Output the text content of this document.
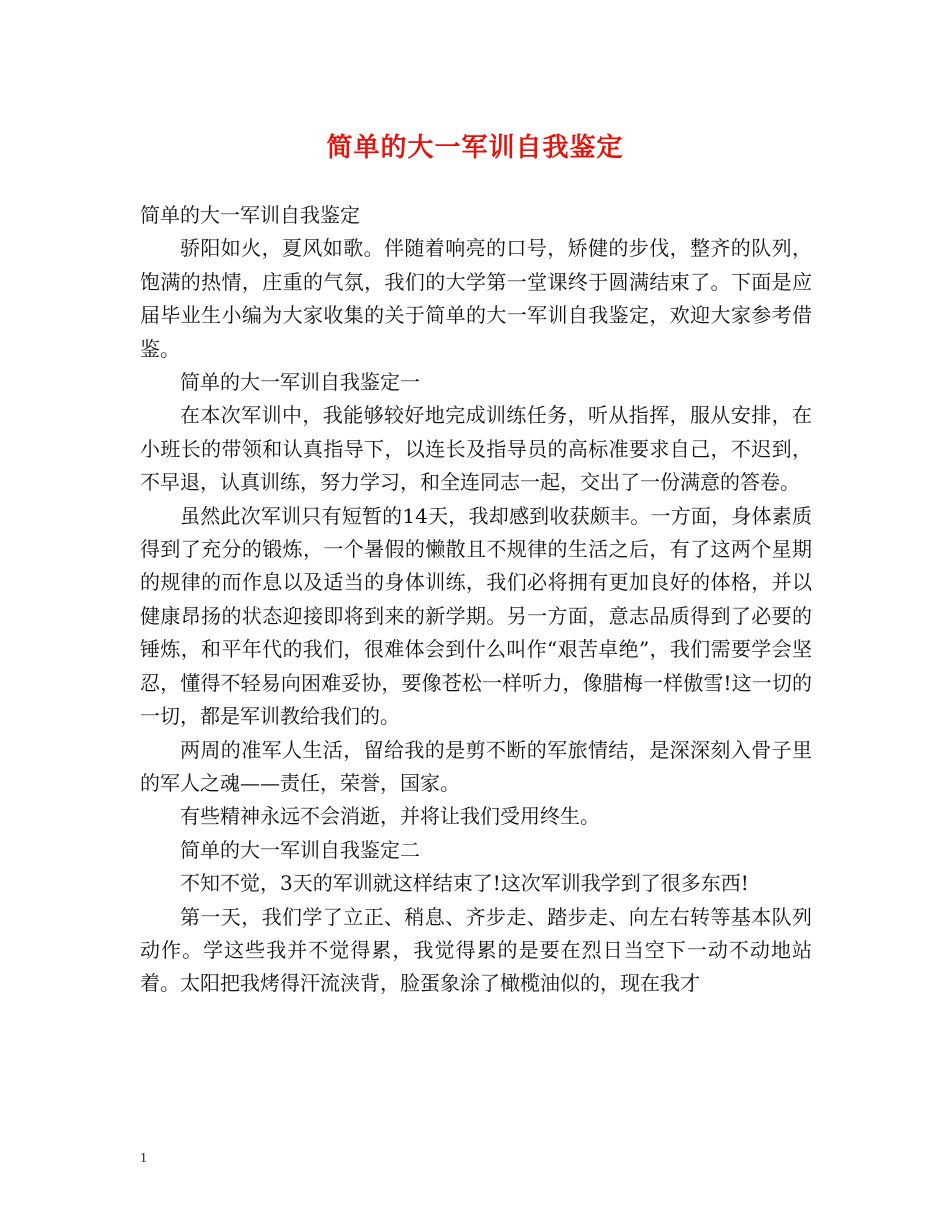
简单的大一军训自我鉴定

简单的大一军训自我鉴定

骄阳如火，夏风如歌。伴随着响亮的口号，矫健的步伐，整齐的队列，饱满的热情，庄重的气氛，我们的大学第一堂课终于圆满结束了。下面是应届毕业生小编为大家收集的关于简单的大一军训自我鉴定，欢迎大家参考借鉴。

简单的大一军训自我鉴定一

在本次军训中，我能够较好地完成训练任务，听从指挥，服从安排，在小班长的带领和认真指导下，以连长及指导员的高标准要求自己，不迟到，不早退，认真训练，努力学习，和全连同志一起，交出了一份满意的答卷。

虽然此次军训只有短暂的14天，我却感到收获颇丰。一方面，身体素质得到了充分的锻炼，一个暑假的懒散且不规律的生活之后，有了这两个星期的规律的而作息以及适当的身体训练，我们必将拥有更加良好的体格，并以健康昂扬的状态迎接即将到来的新学期。另一方面，意志品质得到了必要的锤炼，和平年代的我们，很难体会到什么叫作“艰苦卓绝”，我们需要学会坚忍，懂得不轻易向困难妥协，要像苍松一样听力，像腊梅一样傲雪!这一切的一切，都是军训教给我们的。

两周的准军人生活，留给我的是剪不断的军旅情结，是深深刻入骨子里的军人之魂——责任，荣誉，国家。

有些精神永远不会消逝，并将让我们受用终生。

简单的大一军训自我鉴定二

不知不觉，3天的军训就这样结束了!这次军训我学到了很多东西!

第一天，我们学了立正、稍息、齐步走、踏步走、向左右转等基本队列动作。学这些我并不觉得累，我觉得累的是要在烈日当空下一动不动地站着。太阳把我烤得汗流浃背，脸蛋象涂了橄榄油似的，现在我才

1
